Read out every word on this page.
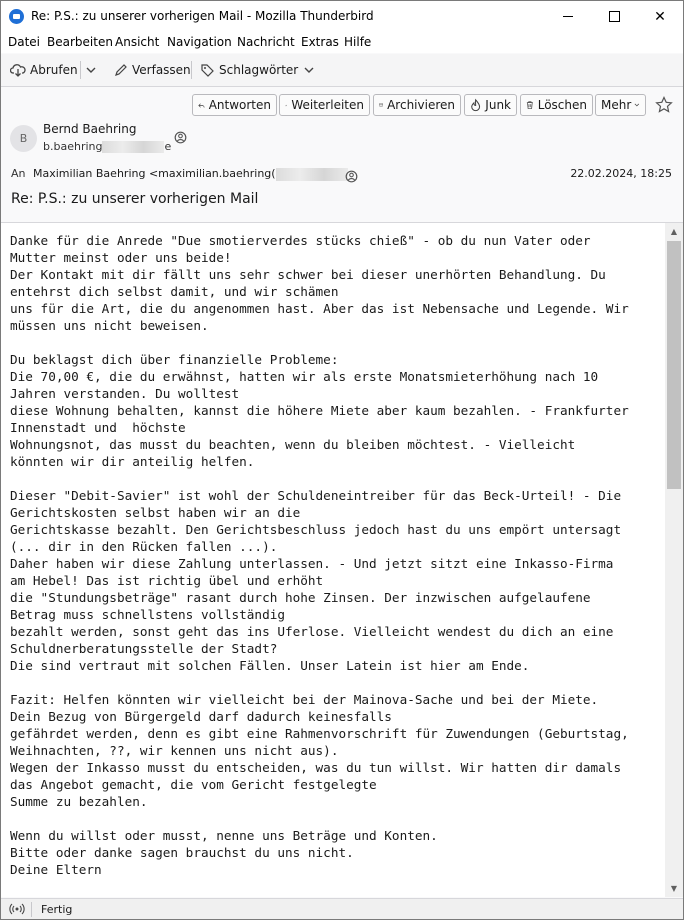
Re: P.S.: zu unserer vorherigen Mail - Mozilla Thunderbird	✕
Datei Bearbeiten Ansicht Navigation Nachricht Extras Hilfe
Abrufen	Verfassen Schlagwörter
Antworten Weiterleiten Archivieren	Junk Löschen Mehr
B
Bernd Baehring
b.baehring	e
An Maximilian Baehring <maximilian.baehring(	22.02.2024, 18:25
Re: P.S.: zu unserer vorherigen Mail
Danke für die Anrede "Due smotierverdes stücks chieß" - ob du nun Vater oder
Mutter meinst oder uns beide!
Der Kontakt mit dir fällt uns sehr schwer bei dieser unerhörten Behandlung. Du
entehrst dich selbst damit, und wir schämen
uns für die Art, die du angenommen hast. Aber das ist Nebensache und Legende. Wir
müssen uns nicht beweisen.

Du beklagst dich über finanzielle Probleme:
Die 70,00 €, die du erwähnst, hatten wir als erste Monatsmieterhöhung nach 10
Jahren verstanden. Du wolltest
diese Wohnung behalten, kannst die höhere Miete aber kaum bezahlen. - Frankfurter
Innenstadt und  höchste
Wohnungsnot, das musst du beachten, wenn du bleiben möchtest. - Vielleicht
könnten wir dir anteilig helfen.

Dieser "Debit-Savier" ist wohl der Schuldeneintreiber für das Beck-Urteil! - Die
Gerichtskosten selbst haben wir an die
Gerichtskasse bezahlt. Den Gerichtsbeschluss jedoch hast du uns empört untersagt
(... dir in den Rücken fallen ...).
Daher haben wir diese Zahlung unterlassen. - Und jetzt sitzt eine Inkasso-Firma
am Hebel! Das ist richtig übel und erhöht
die "Stundungsbeträge" rasant durch hohe Zinsen. Der inzwischen aufgelaufene
Betrag muss schnellstens vollständig
bezahlt werden, sonst geht das ins Uferlose. Vielleicht wendest du dich an eine
Schuldnerberatungsstelle der Stadt?
Die sind vertraut mit solchen Fällen. Unser Latein ist hier am Ende.

Fazit: Helfen könnten wir vielleicht bei der Mainova-Sache und bei der Miete.
Dein Bezug von Bürgergeld darf dadurch keinesfalls
gefährdet werden, denn es gibt eine Rahmenvorschrift für Zuwendungen (Geburtstag,
Weihnachten, ??, wir kennen uns nicht aus).
Wegen der Inkasso musst du entscheiden, was du tun willst. Wir hatten dir damals
das Angebot gemacht, die vom Gericht festgelegte
Summe zu bezahlen.

Wenn du willst oder musst, nenne uns Beträge und Konten.
Bitte oder danke sagen brauchst du uns nicht.
Deine Eltern
▲
▼
Fertig
